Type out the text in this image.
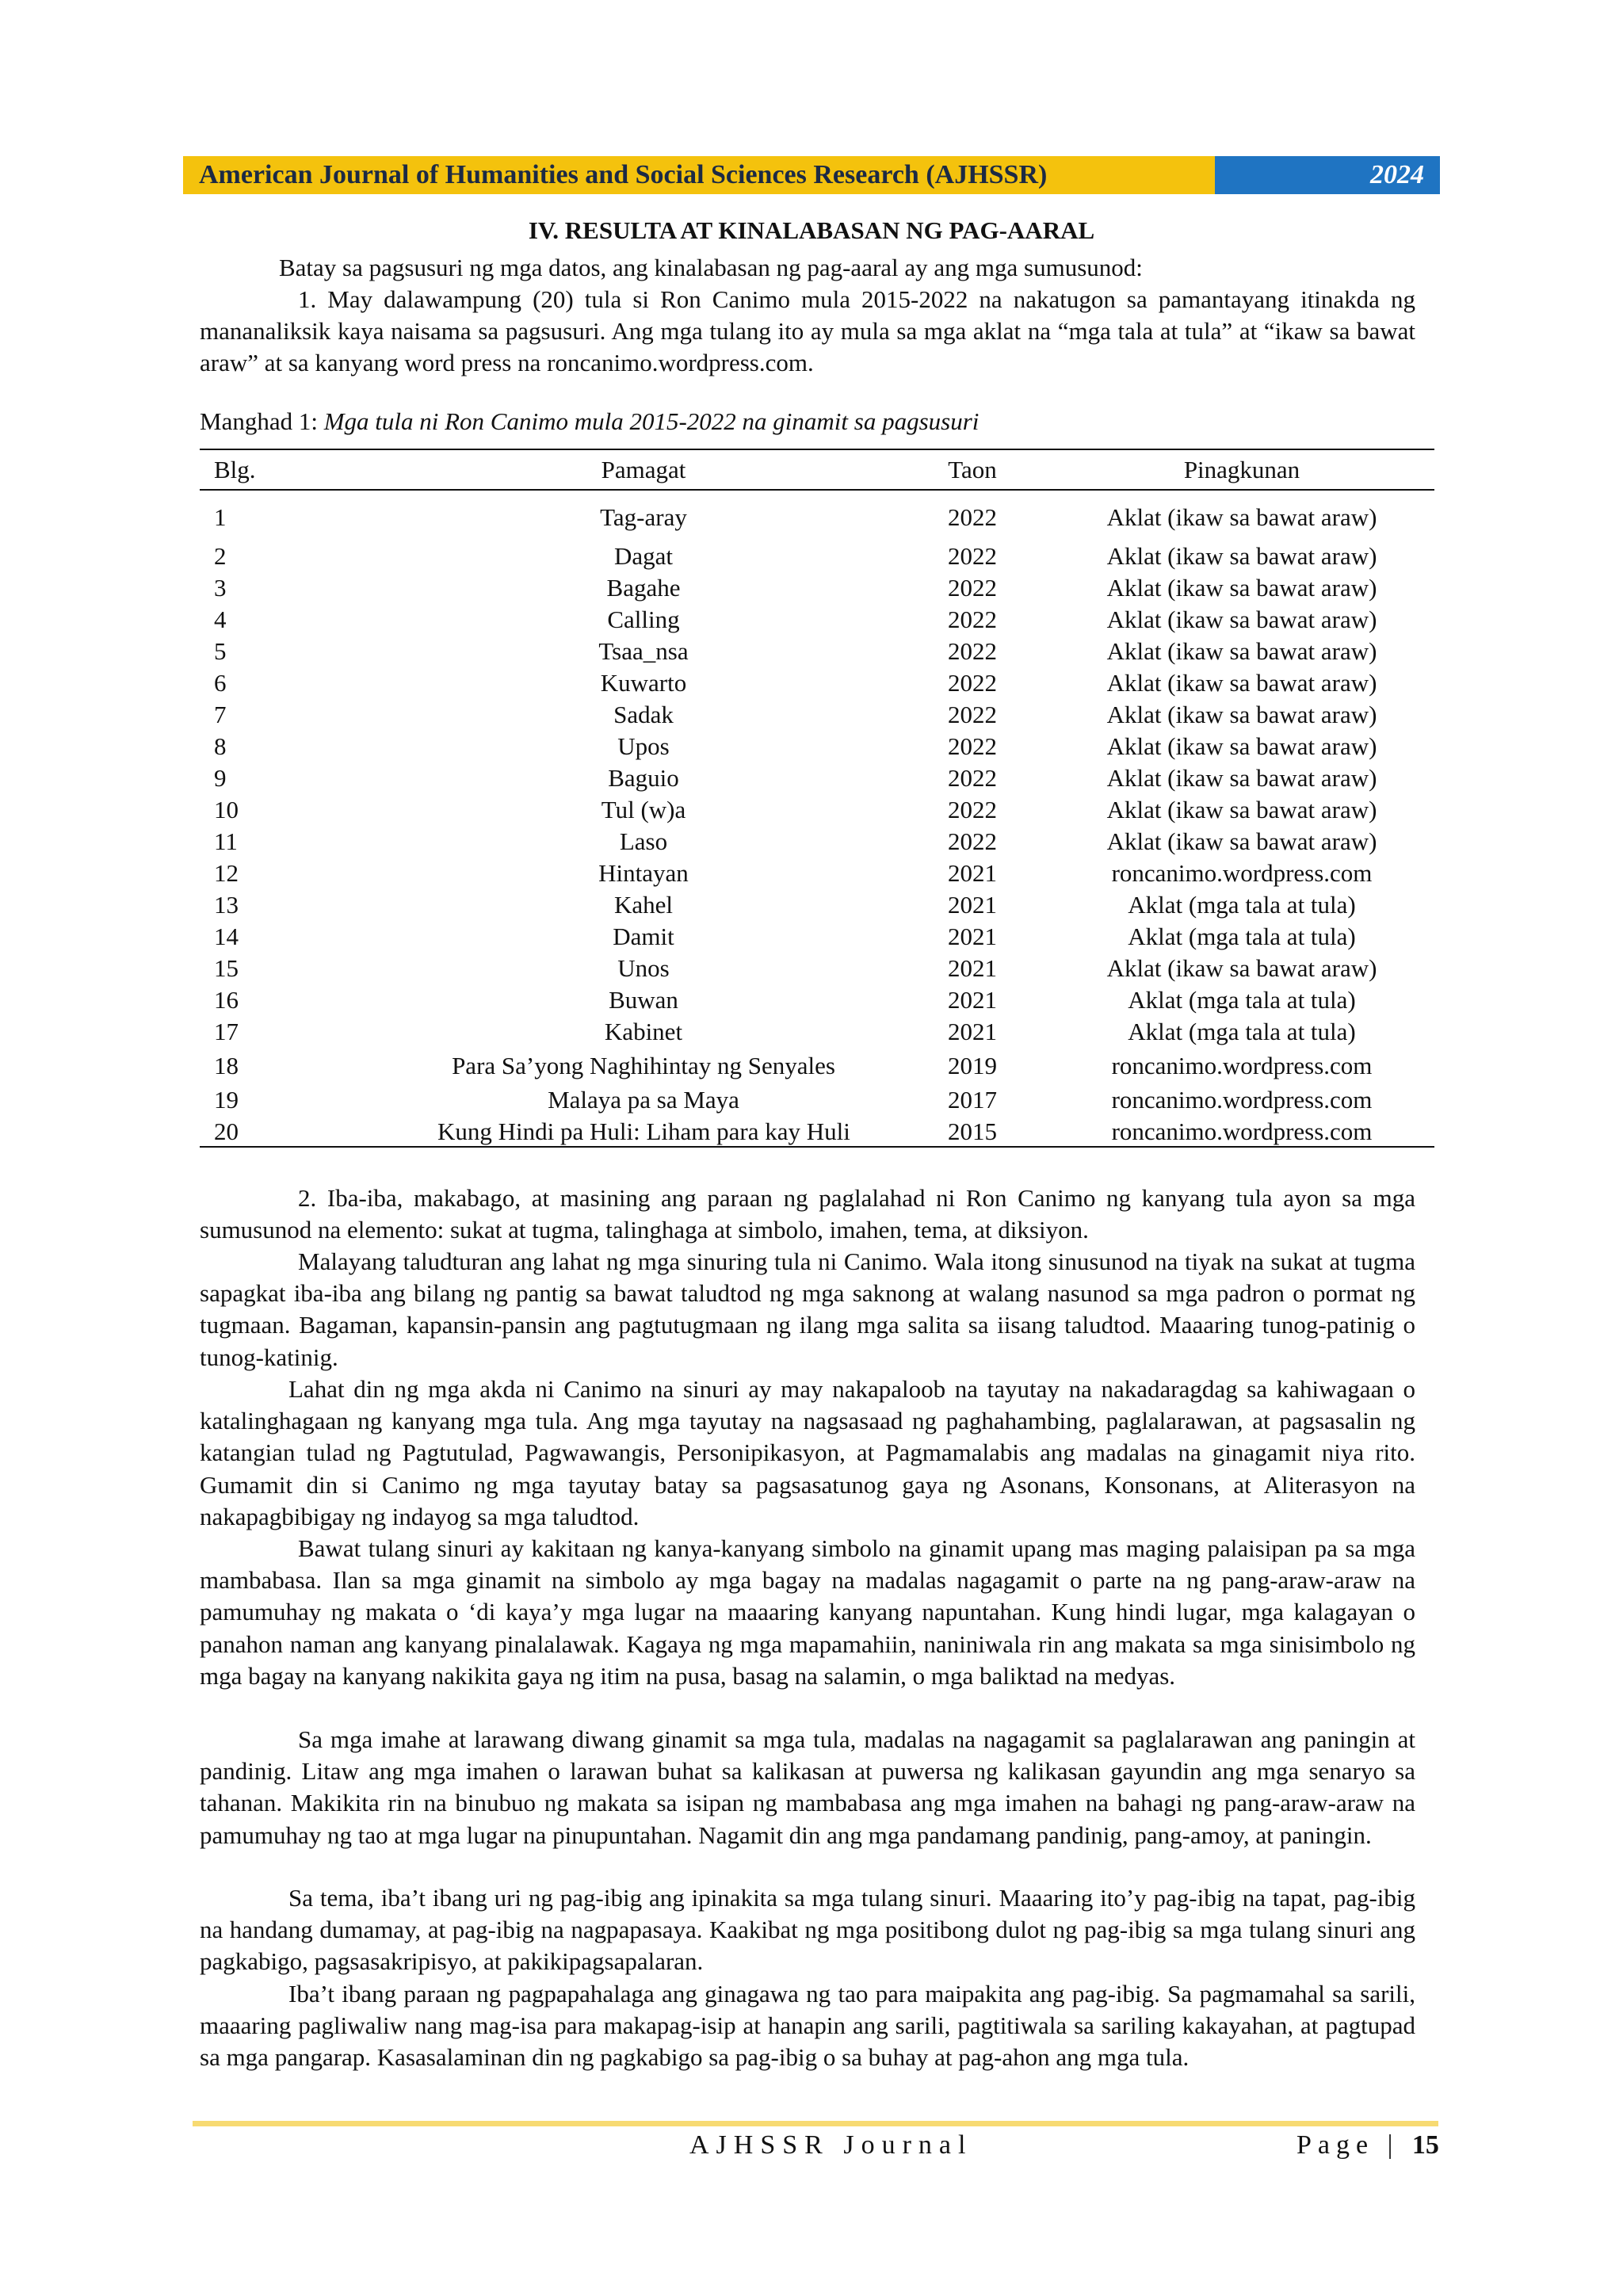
American Journal of Humanities and Social Sciences Research (AJHSSR)	2024
IV. RESULTA AT KINALABASAN NG PAG-AARAL

Batay sa pagsusuri ng mga datos, ang kinalabasan ng pag-aaral ay ang mga sumusunod:

1. May dalawampung (20) tula si Ron Canimo mula 2015-2022 na nakatugon sa pamantayang itinakda ng mananaliksik kaya naisama sa pagsusuri. Ang mga tulang ito ay mula sa mga aklat na “mga tala at tula” at “ikaw sa bawat araw” at sa kanyang word press na roncanimo.wordpress.com.

Manghad 1: Mga tula ni Ron Canimo mula 2015-2022 na ginamit sa pagsusuri
Blg.	Pamagat	Taon	Pinagkunan
1	Tag-aray	2022	Aklat (ikaw sa bawat araw)
2	Dagat	2022	Aklat (ikaw sa bawat araw)
3	Bagahe	2022	Aklat (ikaw sa bawat araw)
4	Calling	2022	Aklat (ikaw sa bawat araw)
5	Tsaa_nsa	2022	Aklat (ikaw sa bawat araw)
6	Kuwarto	2022	Aklat (ikaw sa bawat araw)
7	Sadak	2022	Aklat (ikaw sa bawat araw)
8	Upos	2022	Aklat (ikaw sa bawat araw)
9	Baguio	2022	Aklat (ikaw sa bawat araw)
10	Tul (w)a	2022	Aklat (ikaw sa bawat araw)
11	Laso	2022	Aklat (ikaw sa bawat araw)
12	Hintayan	2021	roncanimo.wordpress.com
13	Kahel	2021	Aklat (mga tala at tula)
14	Damit	2021	Aklat (mga tala at tula)
15	Unos	2021	Aklat (ikaw sa bawat araw)
16	Buwan	2021	Aklat (mga tala at tula)
17	Kabinet	2021	Aklat (mga tala at tula)
18	Para Sa’yong Naghihintay ng Senyales	2019	roncanimo.wordpress.com
19	Malaya pa sa Maya	2017	roncanimo.wordpress.com
20	Kung Hindi pa Huli: Liham para kay Huli	2015	roncanimo.wordpress.com

2. Iba-iba, makabago, at masining ang paraan ng paglalahad ni Ron Canimo ng kanyang tula ayon sa mga sumusunod na elemento: sukat at tugma, talinghaga at simbolo, imahen, tema, at diksiyon.

Malayang taludturan ang lahat ng mga sinuring tula ni Canimo. Wala itong sinusunod na tiyak na sukat at tugma sapagkat iba-iba ang bilang ng pantig sa bawat taludtod ng mga saknong at walang nasunod sa mga padron o pormat ng tugmaan. Bagaman, kapansin-pansin ang pagtutugmaan ng ilang mga salita sa iisang taludtod. Maaaring tunog-patinig o tunog-katinig.

Lahat din ng mga akda ni Canimo na sinuri ay may nakapaloob na tayutay na nakadaragdag sa kahiwagaan o katalinghagaan ng kanyang mga tula. Ang mga tayutay na nagsasaad ng paghahambing, paglalarawan, at pagsasalin ng katangian tulad ng Pagtutulad, Pagwawangis, Personipikasyon, at Pagmamalabis ang madalas na ginagamit niya rito. Gumamit din si Canimo ng mga tayutay batay sa pagsasatunog gaya ng Asonans, Konsonans, at Aliterasyon na nakapagbibigay ng indayog sa mga taludtod.

Bawat tulang sinuri ay kakitaan ng kanya-kanyang simbolo na ginamit upang mas maging palaisipan pa sa mga mambabasa. Ilan sa mga ginamit na simbolo ay mga bagay na madalas nagagamit o parte na ng pang-araw-araw na pamumuhay ng makata o ‘di kaya’y mga lugar na maaaring kanyang napuntahan. Kung hindi lugar, mga kalagayan o panahon naman ang kanyang pinalalawak. Kagaya ng mga mapamahiin, naniniwala rin ang makata sa mga sinisimbolo ng mga bagay na kanyang nakikita gaya ng itim na pusa, basag na salamin, o mga baliktad na medyas.

Sa mga imahe at larawang diwang ginamit sa mga tula, madalas na nagagamit sa paglalarawan ang paningin at pandinig. Litaw ang mga imahen o larawan buhat sa kalikasan at puwersa ng kalikasan gayundin ang mga senaryo sa tahanan. Makikita rin na binubuo ng makata sa isipan ng mambabasa ang mga imahen na bahagi ng pang-araw-araw na pamumuhay ng tao at mga lugar na pinupuntahan. Nagamit din ang mga pandamang pandinig, pang-amoy, at paningin.

Sa tema, iba’t ibang uri ng pag-ibig ang ipinakita sa mga tulang sinuri. Maaaring ito’y pag-ibig na tapat, pag-ibig na handang dumamay, at pag-ibig na nagpapasaya. Kaakibat ng mga positibong dulot ng pag-ibig sa mga tulang sinuri ang pagkabigo, pagsasakripisyo, at pakikipagsapalaran.

Iba’t ibang paraan ng pagpapahalaga ang ginagawa ng tao para maipakita ang pag-ibig. Sa pagmamahal sa sarili, maaaring pagliwaliw nang mag-isa para makapag-isip at hanapin ang sarili, pagtitiwala sa sariling kakayahan, at pagtupad sa mga pangarap. Kasasalaminan din ng pagkabigo sa pag-ibig o sa buhay at pag-ahon ang mga tula.

AJHSSR Journal	Page | 15
